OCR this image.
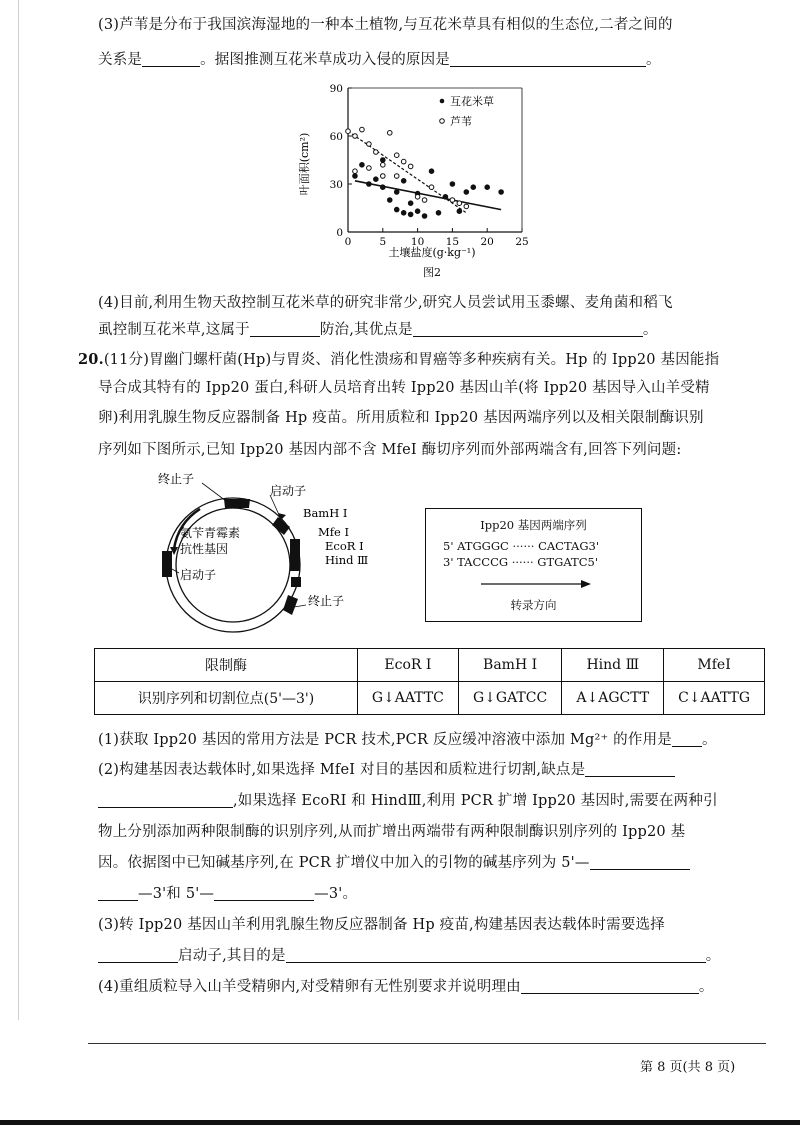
(3)芦苇是分布于我国滨海湿地的一种本土植物,与互花米草具有相似的生态位,二者之间的
关系是	。据图推测互花米草成功入侵的原因是	。
0	5 10 15 20 25
0
30
60
90
叶面积(cm²)
土壤盐度(g·kg⁻¹)
图2
互花米草
芦苇
(4)目前,利用生物天敌控制互花米草的研究非常少,研究人员尝试用玉黍螺、麦角菌和稻飞
虱控制互花米草,这属于	防治,其优点是	。
20.(11分)胃幽门螺杆菌(Hp)与胃炎、消化性溃疡和胃癌等多种疾病有关。Hp 的 Ipp20 基因能指
导合成其特有的 Ipp20 蛋白,科研人员培育出转 Ipp20 基因山羊(将 Ipp20 基因导入山羊受精
卵)利用乳腺生物反应器制备 Hp 疫苗。所用质粒和 Ipp20 基因两端序列以及相关限制酶识别
序列如下图所示,已知 Ipp20 基因内部不含 MfeI 酶切序列而外部两端含有,回答下列问题:
终止子
启动子
BamH Ⅰ
Mfe Ⅰ
EcoR Ⅰ
Hind Ⅲ
氨苄青霉素
抗性基因
启动子
终止子
Ipp20 基因两端序列
5' ATGGGC ······ CACTAG3'
3' TACCCG ······ GTGATC5'
转录方向
限制酶	EcoR Ⅰ	BamH Ⅰ	Hind Ⅲ	MfeI
识别序列和切割位点(5'—3')	G↓AATTC	G↓GATCC	A↓AGCTT	C↓AATTG
(1)获取 Ipp20 基因的常用方法是 PCR 技术,PCR 反应缓冲溶液中添加 Mg²⁺ 的作用是 。
(2)构建基因表达载体时,如果选择 MfeI 对目的基因和质粒进行切割,缺点是
,如果选择 EcoRI 和 HindⅢ,利用 PCR 扩增 Ipp20 基因时,需要在两种引
物上分别添加两种限制酶的识别序列,从而扩增出两端带有两种限制酶识别序列的 Ipp20 基
因。依据图中已知碱基序列,在 PCR 扩增仪中加入的引物的碱基序列为 5'—
—3'和 5'—	—3'。
(3)转 Ipp20 基因山羊利用乳腺生物反应器制备 Hp 疫苗,构建基因表达载体时需要选择
启动子,其目的是	。
(4)重组质粒导入山羊受精卵内,对受精卵有无性别要求并说明理由	。
第 8 页(共 8 页)
